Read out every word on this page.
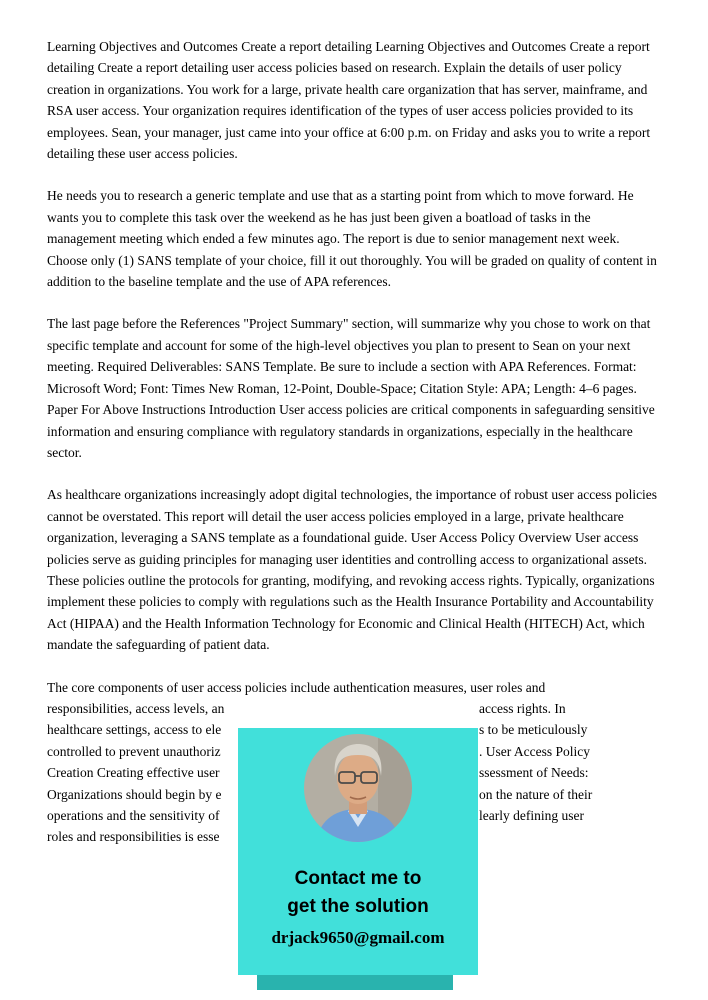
Learning Objectives and Outcomes Create a report detailing Learning Objectives and Outcomes Create a report detailing Create a report detailing user access policies based on research. Explain the details of user policy creation in organizations. You work for a large, private health care organization that has server, mainframe, and RSA user access. Your organization requires identification of the types of user access policies provided to its employees. Sean, your manager, just came into your office at 6:00 p.m. on Friday and asks you to write a report detailing these user access policies.

He needs you to research a generic template and use that as a starting point from which to move forward. He wants you to complete this task over the weekend as he has just been given a boatload of tasks in the management meeting which ended a few minutes ago. The report is due to senior management next week. Choose only (1) SANS template of your choice, fill it out thoroughly. You will be graded on quality of content in addition to the baseline template and the use of APA references.

The last page before the References "Project Summary" section, will summarize why you chose to work on that specific template and account for some of the high-level objectives you plan to present to Sean on your next meeting. Required Deliverables: SANS Template. Be sure to include a section with APA References. Format: Microsoft Word; Font: Times New Roman, 12-Point, Double-Space; Citation Style: APA; Length: 4–6 pages. Paper For Above Instructions Introduction User access policies are critical components in safeguarding sensitive information and ensuring compliance with regulatory standards in organizations, especially in the healthcare sector.

As healthcare organizations increasingly adopt digital technologies, the importance of robust user access policies cannot be overstated. This report will detail the user access policies employed in a large, private healthcare organization, leveraging a SANS template as a foundational guide. User Access Policy Overview User access policies serve as guiding principles for managing user identities and controlling access to organizational assets. These policies outline the protocols for granting, modifying, and revoking access rights. Typically, organizations implement these policies to comply with regulations such as the Health Insurance Portability and Accountability Act (HIPAA) and the Health Information Technology for Economic and Clinical Health (HITECH) Act, which mandate the safeguarding of patient data.

The core components of user access policies include authentication measures, user roles and
responsibilities, access levels, an	access rights. In
healthcare settings, access to ele	s to be meticulously
controlled to prevent unauthoriz	. User Access Policy
Creation Creating effective user	ssessment of Needs:
Organizations should begin by e	on the nature of their
operations and the sensitivity of	learly defining user
roles and responsibilities is esse
Contact me to
get the solution
drjack9650@gmail.com
